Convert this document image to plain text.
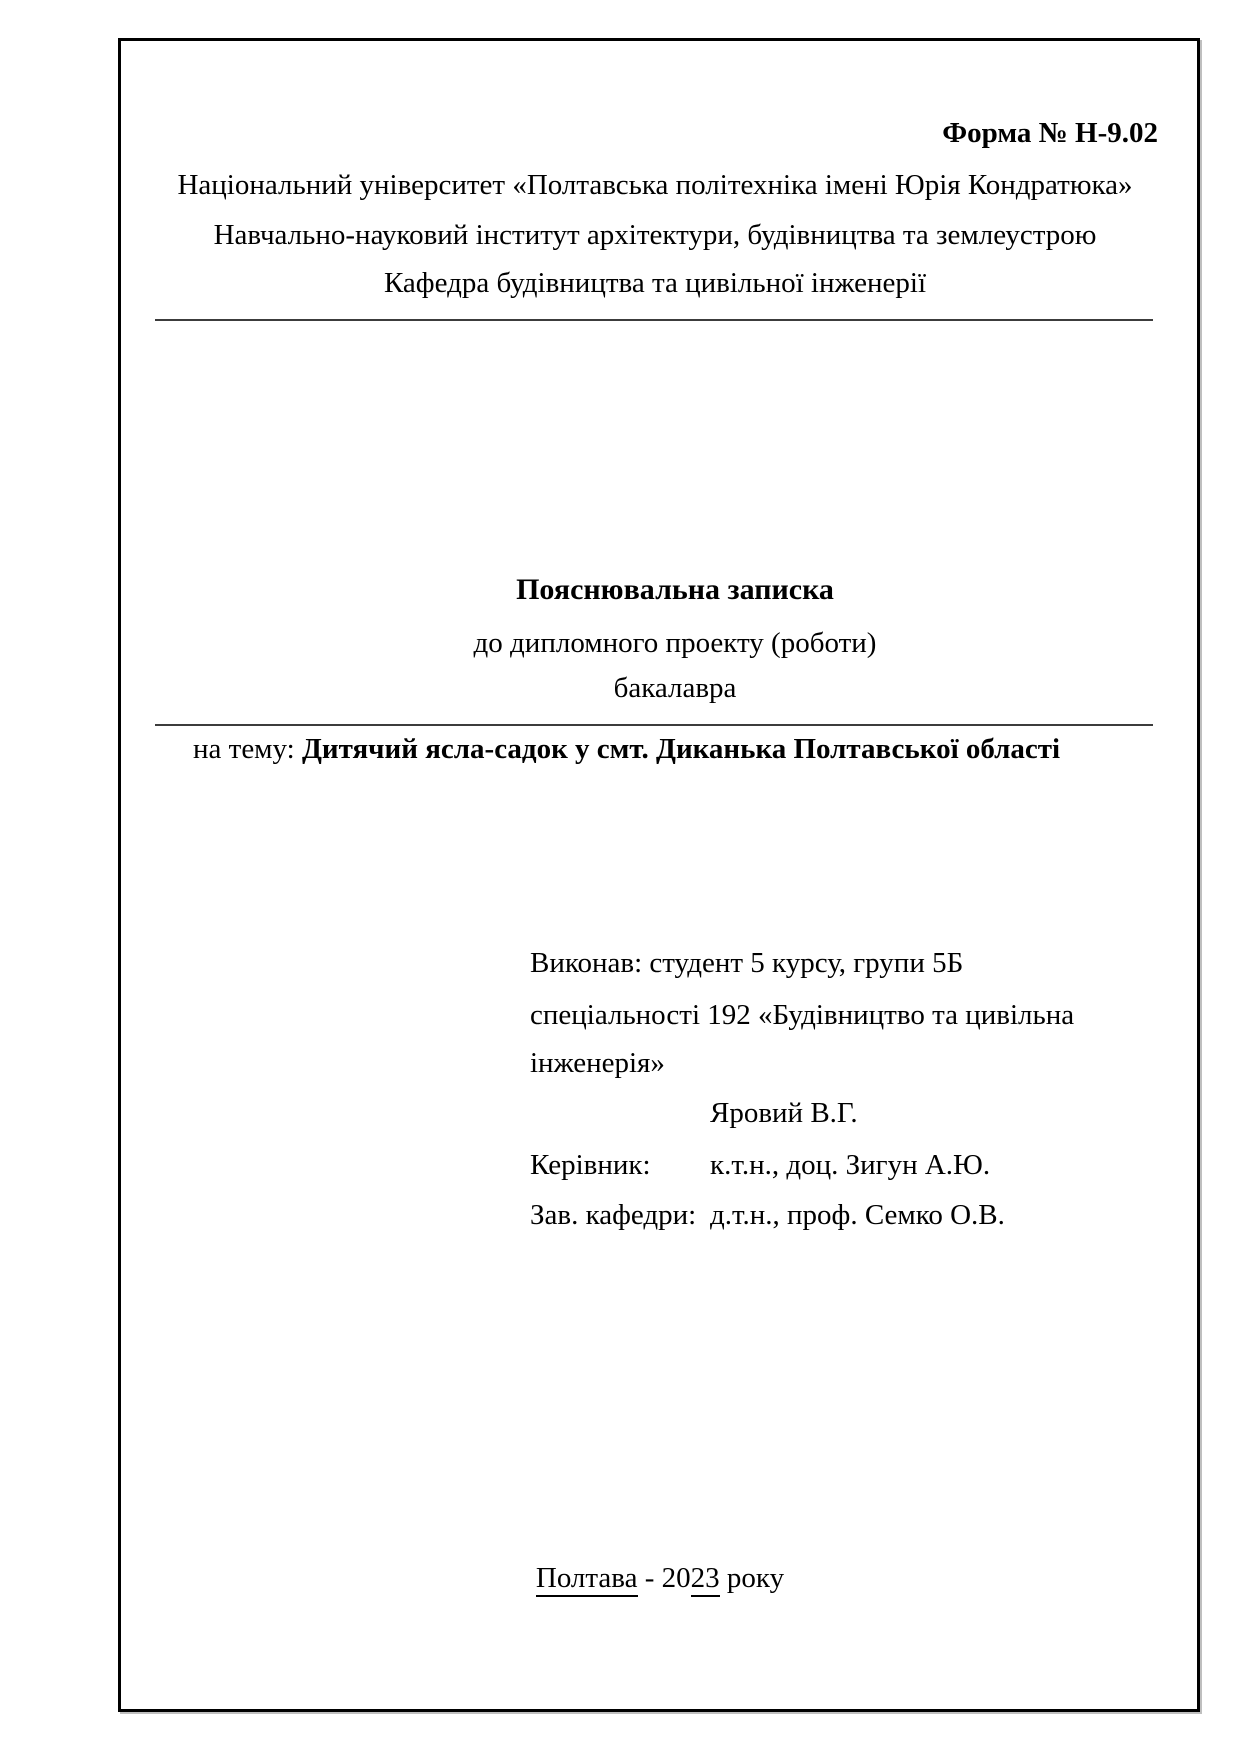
Форма № Н-9.02
Національний університет «Полтавська політехніка імені Юрія Кондратюка»
Навчально-науковий інститут архітектури, будівництва та землеустрою
Кафедра будівництва та цивільної інженерії
Пояснювальна записка
до дипломного проекту (роботи)
бакалавра
на тему: Дитячий ясла-садок у смт. Диканька Полтавської області
Виконав: студент 5 курсу, групи 5Б
спеціальності 192 «Будівництво та цивільна
інженерія»
Яровий В.Г.
Керівник: к.т.н., доц. Зигун А.Ю.
Зав. кафедри: д.т.н., проф. Семко О.В.
Полтава - 2023 року
